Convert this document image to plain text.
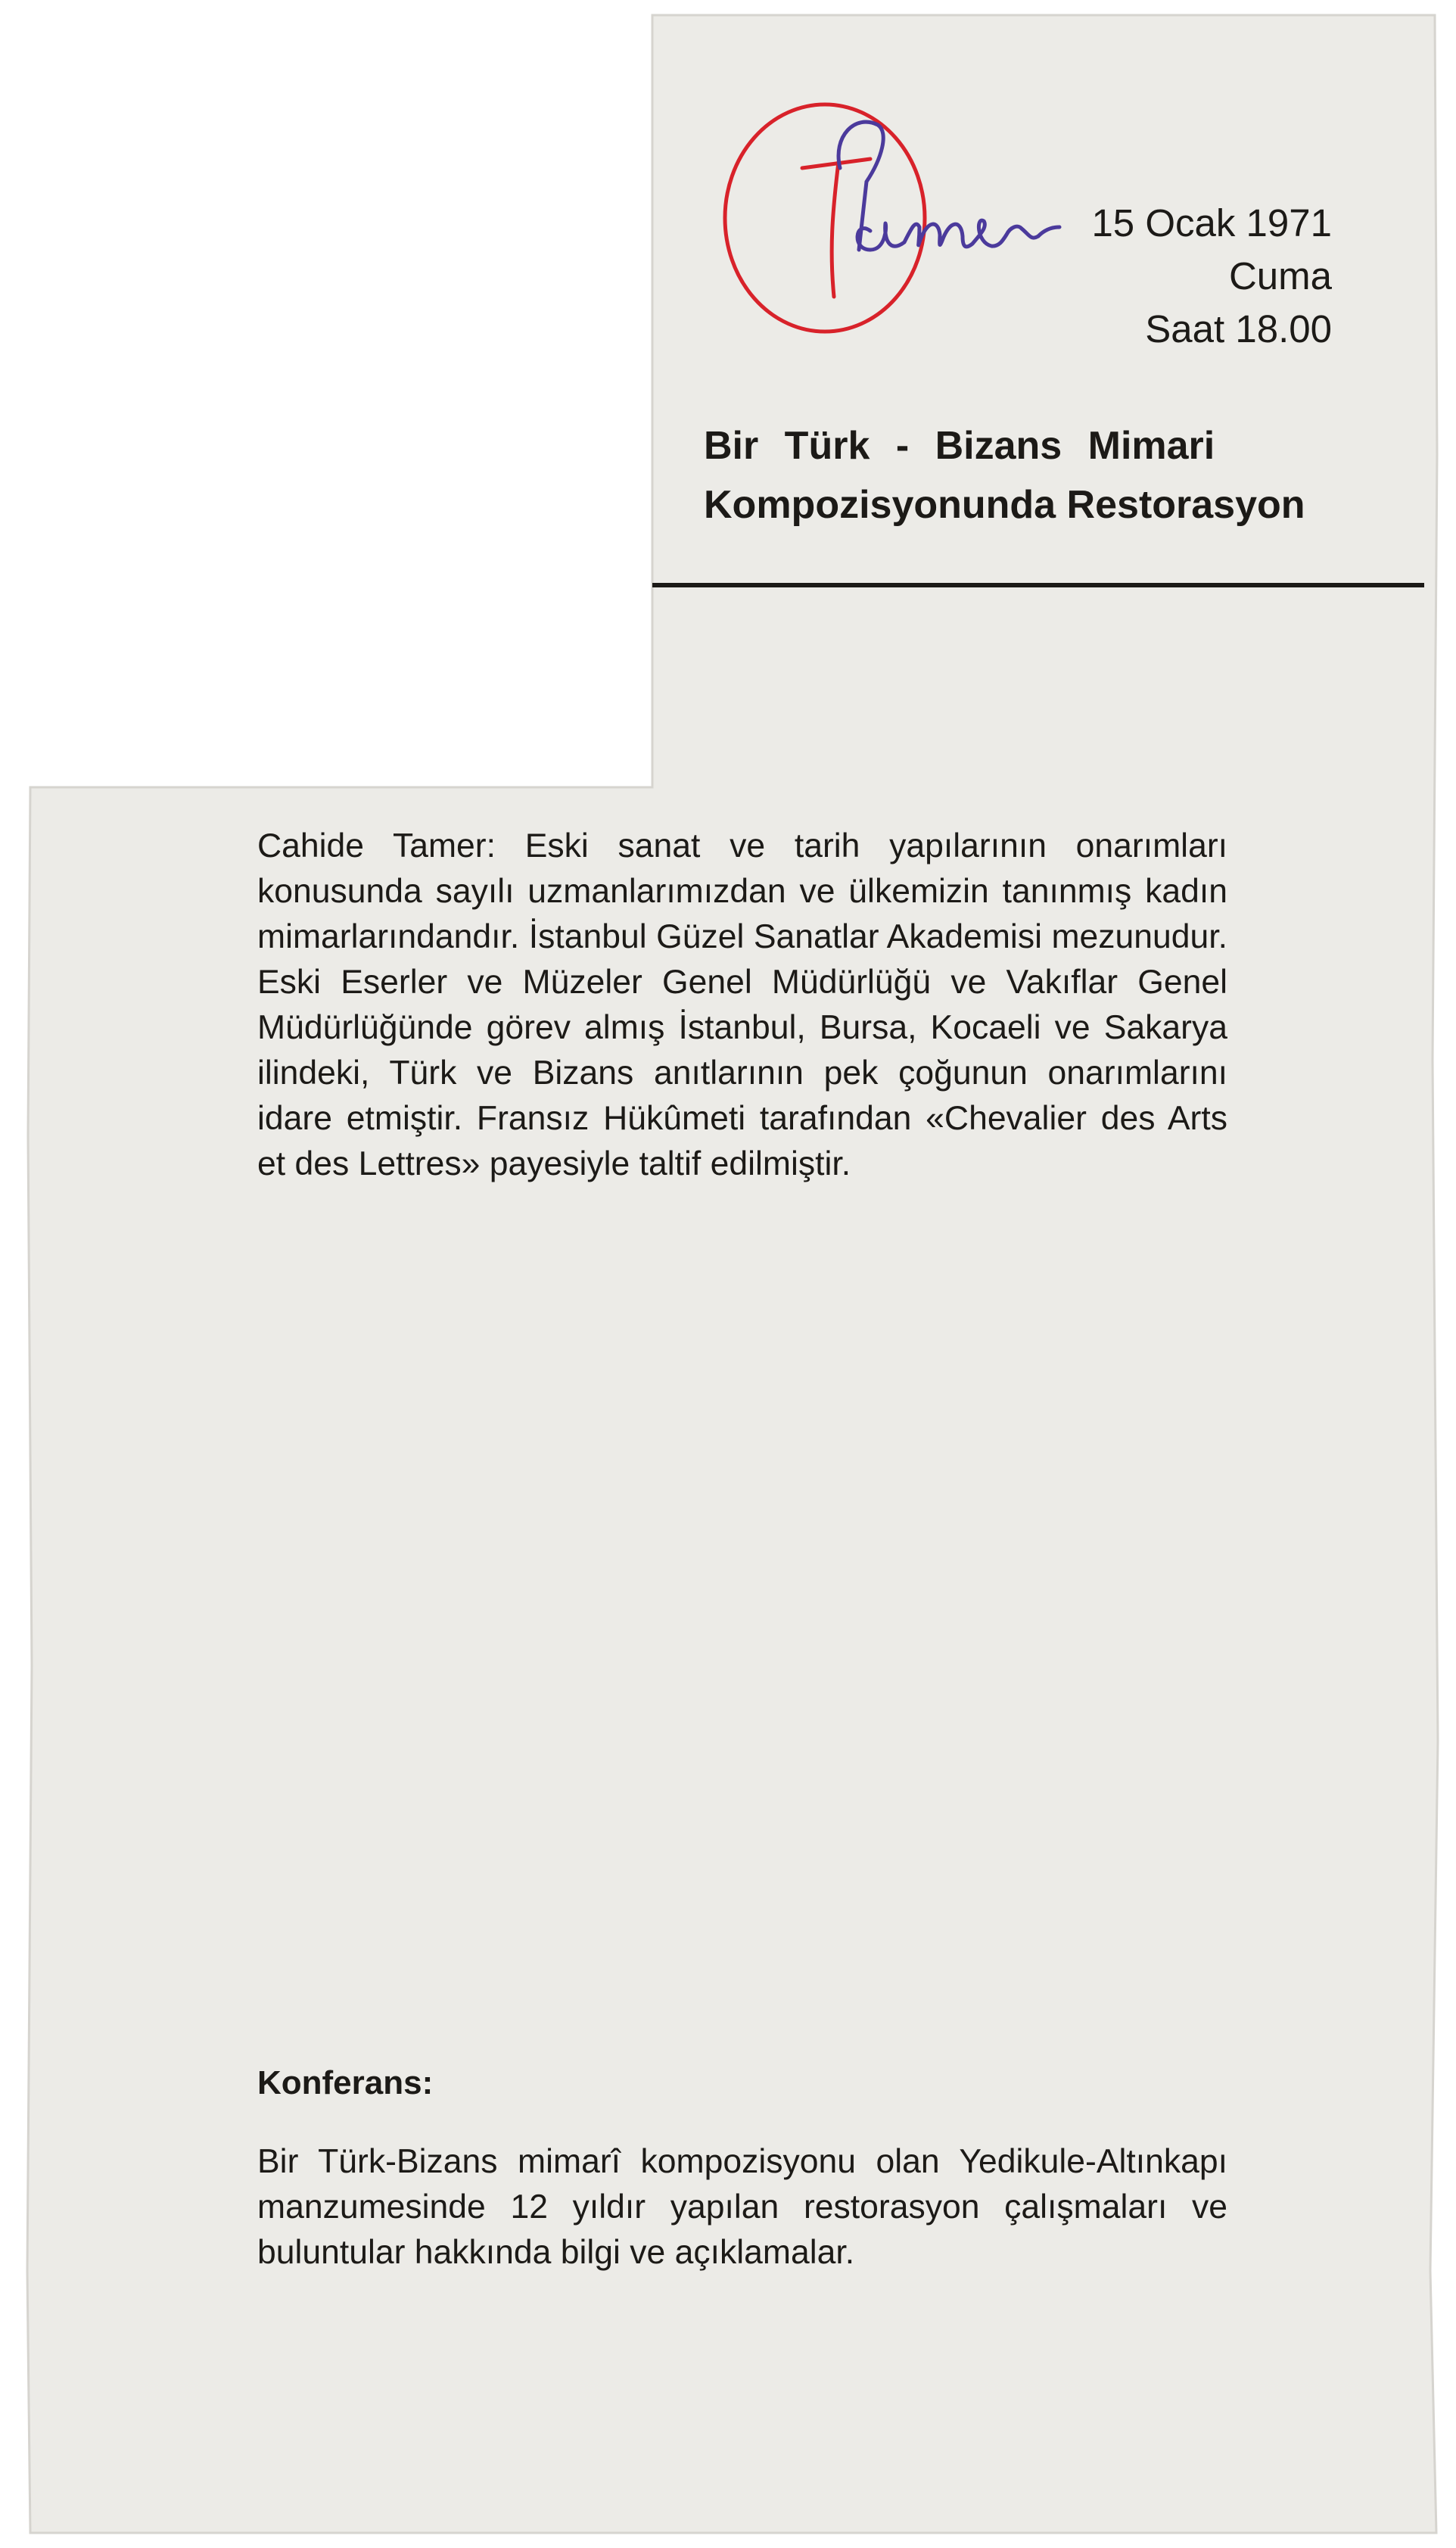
15 Ocak 1971
Cuma
Saat 18.00
Bir Türk - Bizans Mimari
Kompozisyonunda Restorasyon
Cahide Tamer: Eski sanat ve tarih yapılarının onarımları konusunda sayılı uzmanlarımızdan ve ülkemizin tanınmış kadın mimarlarındandır. İstanbul Güzel Sanatlar Akademisi mezunudur. Eski Eserler ve Müzeler Genel Müdürlüğü ve Vakıflar Genel Müdürlüğünde görev almış İstanbul, Bursa, Kocaeli ve Sakarya ilindeki, Türk ve Bizans anıtlarının pek çoğunun onarımlarını idare etmiştir. Fransız Hükûmeti tarafından «Chevalier des Arts et des Lettres» payesiyle taltif edilmiştir.
Konferans:
Bir Türk-Bizans mimarî kompozisyonu olan Yedikule-Altınkapı manzumesinde 12 yıldır yapılan restorasyon çalışmaları ve buluntular hakkında bilgi ve açıklamalar.
